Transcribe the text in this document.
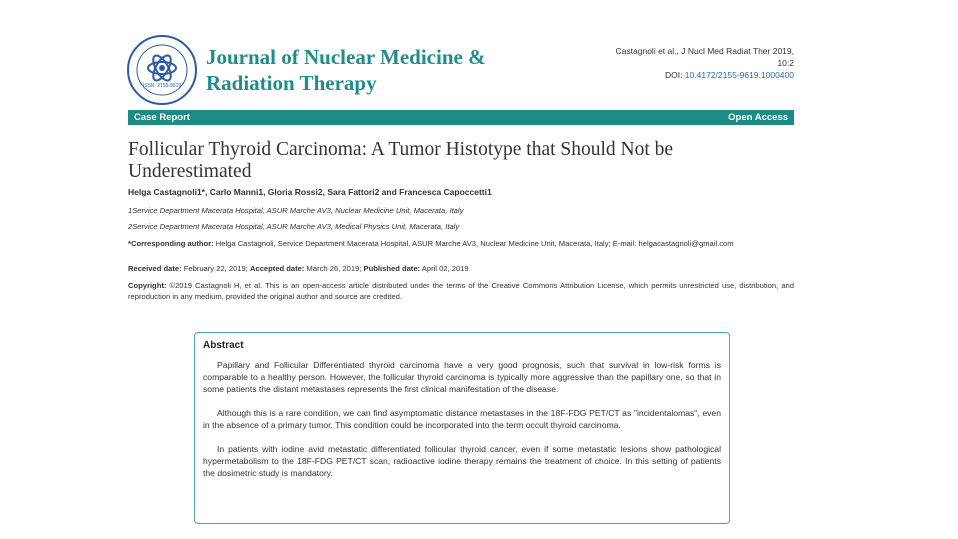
ISSN: 2155-9619
Journal of Nuclear Medicine &
Radiation Therapy
Castagnoli et al., J Nucl Med Radiat Ther 2019,
10:2
DOI: 10.4172/2155-9619.1000400
Case Report	Open Access
Follicular Thyroid Carcinoma: A Tumor Histotype that Should Not be Underestimated
Helga Castagnoli1*, Carlo Manni1, Gloria Rossi2, Sara Fattori2 and Francesca Capoccetti1
1Service Department Macerata Hospital, ASUR Marche AV3, Nuclear Medicine Unit, Macerata, Italy
2Service Department Macerata Hospital, ASUR Marche AV3, Medical Physics Unit, Macerata, Italy
*Corresponding author: Helga Castagnoli, Service Department Macerata Hospital, ASUR Marche AV3, Nuclear Medicine Unit, Macerata, Italy; E-mail: helgacastagnoli@gmail.com
Received date: February 22, 2019; Accepted date: March 26, 2019; Published date: April 02, 2019
Copyright: ©2019 Castagnoli H, et al. This is an open-access article distributed under the terms of the Creative Commons Attribution License, which permits unrestricted use, distribution, and reproduction in any medium, provided the original author and source are credited.
Abstract

Papillary and Follicular Differentiated thyroid carcinoma have a very good prognosis, such that survival in low-risk forms is comparable to a healthy person. However, the follicular thyroid carcinoma is typically more aggressive than the papillary one, so that in some patients the distant metastases represents the first clinical manifestation of the disease.

Although this is a rare condition, we can find asymptomatic distance metastases in the 18F-FDG PET/CT as "incidentalomas", even in the absence of a primary tumor. This condition could be incorporated into the term occult thyroid carcinoma.

In patients with iodine avid metastatic differentiated follicular thyroid cancer, even if some metastatic lesions show pathological hypermetabolism to the 18F-FDG PET/CT scan, radioactive iodine therapy remains the treatment of choice. In this setting of patients the dosimetric study is mandatory.
